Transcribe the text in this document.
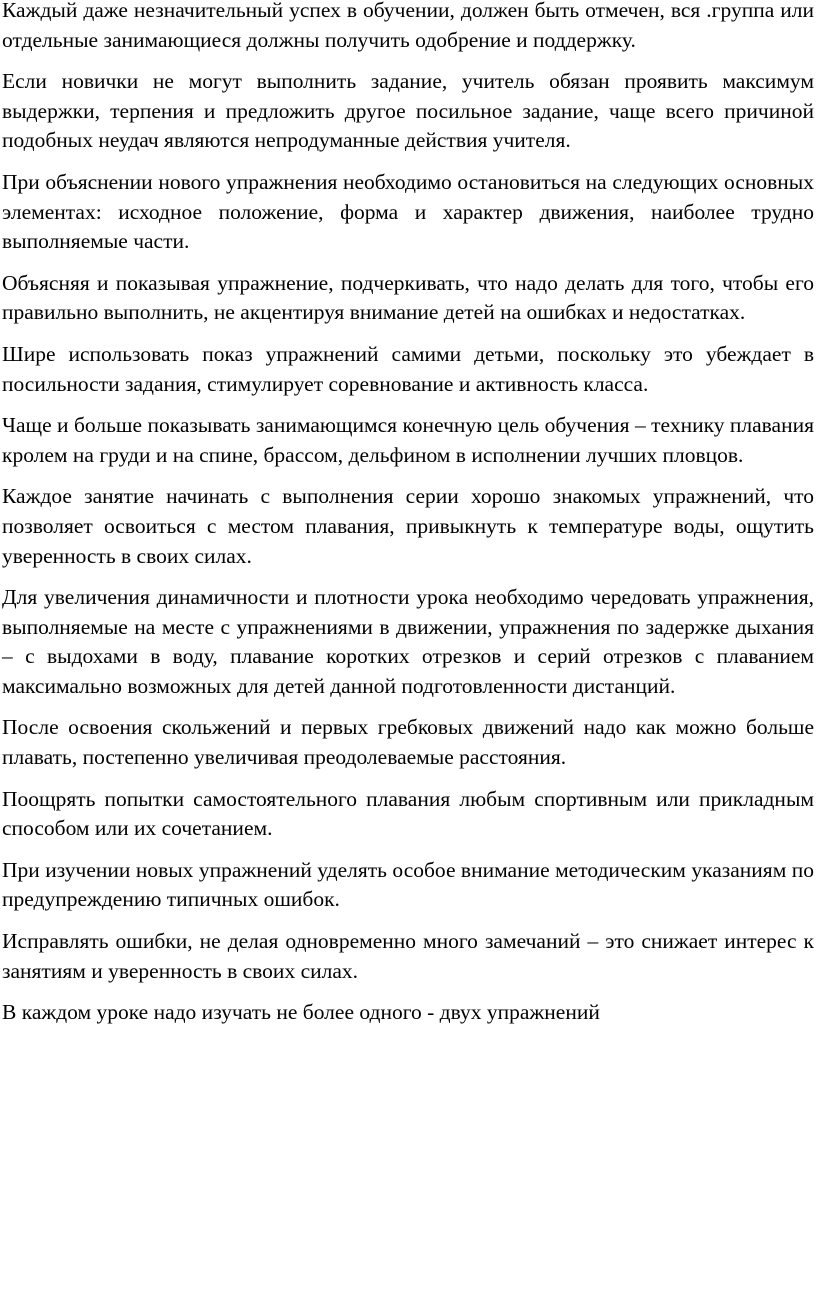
Каждый даже незначительный успех в обучении, должен быть отмечен, вся .группа или отдельные занимающиеся должны получить одобрение и поддержку.

Если новички не могут выполнить задание, учитель обязан проявить максимум выдержки, терпения и предложить другое посильное задание, чаще всего причиной подобных неудач являются непродуманные действия учителя.

При объяснении нового упражнения необходимо остановиться на следующих основных элементах: исходное положение, форма и характер движения, наиболее трудно выполняемые части.

Объясняя и показывая упражнение, подчеркивать, что надо делать для того, чтобы его правильно выполнить, не акцентируя внимание детей на ошибках и недостатках.

Шире использовать показ упражнений самими детьми, поскольку это убеждает в посильности задания, стимулирует соревнование и активность класса.

Чаще и больше показывать занимающимся конечную цель обучения – технику плавания кролем на груди и на спине, брассом, дельфином в исполнении лучших пловцов.

Каждое занятие начинать с выполнения серии хорошо знакомых упражнений, что позволяет освоиться с местом плавания, привыкнуть к температуре воды, ощутить уверенность в своих силах.

Для увеличения динамичности и плотности урока необходимо чередовать упражнения, выполняемые на месте с упражнениями в движении, упражнения по задержке дыхания – с выдохами в воду, плавание коротких отрезков и серий отрезков с плаванием максимально возможных для детей данной подготовленности дистанций.

После освоения скольжений и первых гребковых движений надо как можно больше плавать, постепенно увеличивая преодолеваемые расстояния.

Поощрять попытки самостоятельного плавания любым спортивным или прикладным способом или их сочетанием.

При изучении новых упражнений уделять особое внимание методическим указаниям по предупреждению типичных ошибок.

Исправлять ошибки, не делая одновременно много замечаний – это снижает интерес к занятиям и уверенность в своих силах.

В каждом уроке надо изучать не более одного - двух упражнений
